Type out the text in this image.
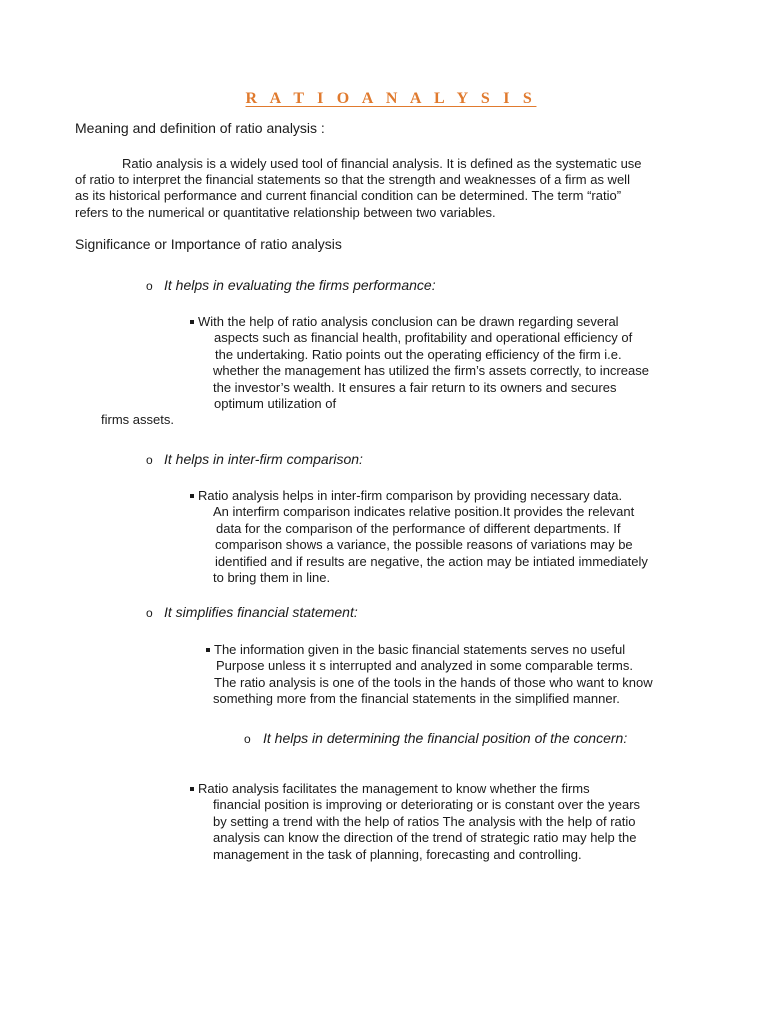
R A T I O A N A L Y S I S
Meaning and definition of ratio analysis :
Ratio analysis is a widely used tool of financial analysis. It is defined as the systematic use
of ratio to interpret the financial statements so that the strength and weaknesses of a firm as well
as its historical performance and current financial condition can be determined. The term “ratio”
refers to the numerical or quantitative relationship between two variables.
Significance or Importance of ratio analysis
o It helps in evaluating the firms performance:
With the help of ratio analysis conclusion can be drawn regarding several
aspects such as financial health, profitability and operational efficiency of
the undertaking. Ratio points out the operating efficiency of the firm i.e.
whether the management has utilized the firm’s assets correctly, to increase
the investor’s wealth. It ensures a fair return to its owners and secures
optimum utilization of
firms assets.
o It helps in inter-firm comparison:
Ratio analysis helps in inter-firm comparison by providing necessary data.
An interfirm comparison indicates relative position.It provides the relevant
data for the comparison of the performance of different departments. If
comparison shows a variance, the possible reasons of variations may be
identified and if results are negative, the action may be intiated immediately
to bring them in line.
o It simplifies financial statement:
The information given in the basic financial statements serves no useful
Purpose unless it s interrupted and analyzed in some comparable terms.
The ratio analysis is one of the tools in the hands of those who want to know
something more from the financial statements in the simplified manner.
o It helps in determining the financial position of the concern:
Ratio analysis facilitates the management to know whether the firms
financial position is improving or deteriorating or is constant over the years
by setting a trend with the help of ratios The analysis with the help of ratio
analysis can know the direction of the trend of strategic ratio may help the
management in the task of planning, forecasting and controlling.
